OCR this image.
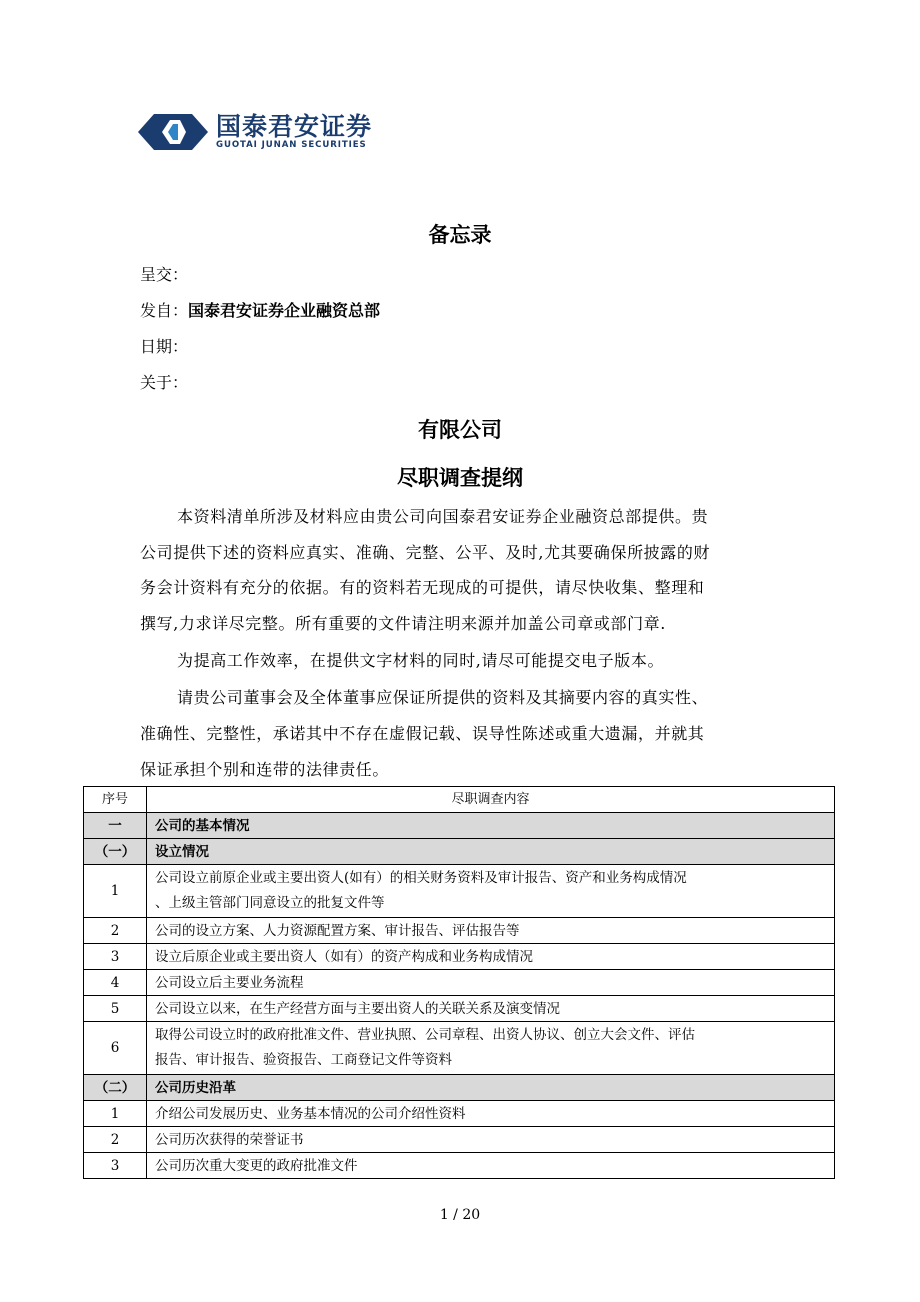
国泰君安证券
GUOTAI JUNAN SECURITIES
备忘录
呈交：
发自：国泰君安证券企业融资总部
日期：
关于：
有限公司
尽职调查提纲
本资料清单所涉及材料应由贵公司向国泰君安证券企业融资总部提供。贵
公司提供下述的资料应真实、准确、完整、公平、及时,尤其要确保所披露的财
务会计资料有充分的依据。有的资料若无现成的可提供，请尽快收集、整理和
撰写,力求详尽完整。所有重要的文件请注明来源并加盖公司章或部门章.
为提高工作效率，在提供文字材料的同时,请尽可能提交电子版本。
请贵公司董事会及全体董事应保证所提供的资料及其摘要内容的真实性、
准确性、完整性，承诺其中不存在虚假记载、误导性陈述或重大遗漏，并就其
保证承担个别和连带的法律责任。
序号	尽职调查内容
一	公司的基本情况
（一）	设立情况
1	公司设立前原企业或主要出资人(如有）的相关财务资料及审计报告、资产和业务构成情况
、上级主管部门同意设立的批复文件等

2	公司的设立方案、人力资源配置方案、审计报告、评估报告等
3	设立后原企业或主要出资人（如有）的资产构成和业务构成情况
4	公司设立后主要业务流程
5	公司设立以来，在生产经营方面与主要出资人的关联关系及演变情况
6	取得公司设立时的政府批准文件、营业执照、公司章程、出资人协议、创立大会文件、评估
报告、审计报告、验资报告、工商登记文件等资料

（二）	公司历史沿革
1	介绍公司发展历史、业务基本情况的公司介绍性资料
2	公司历次获得的荣誉证书
3	公司历次重大变更的政府批准文件
1 / 20
